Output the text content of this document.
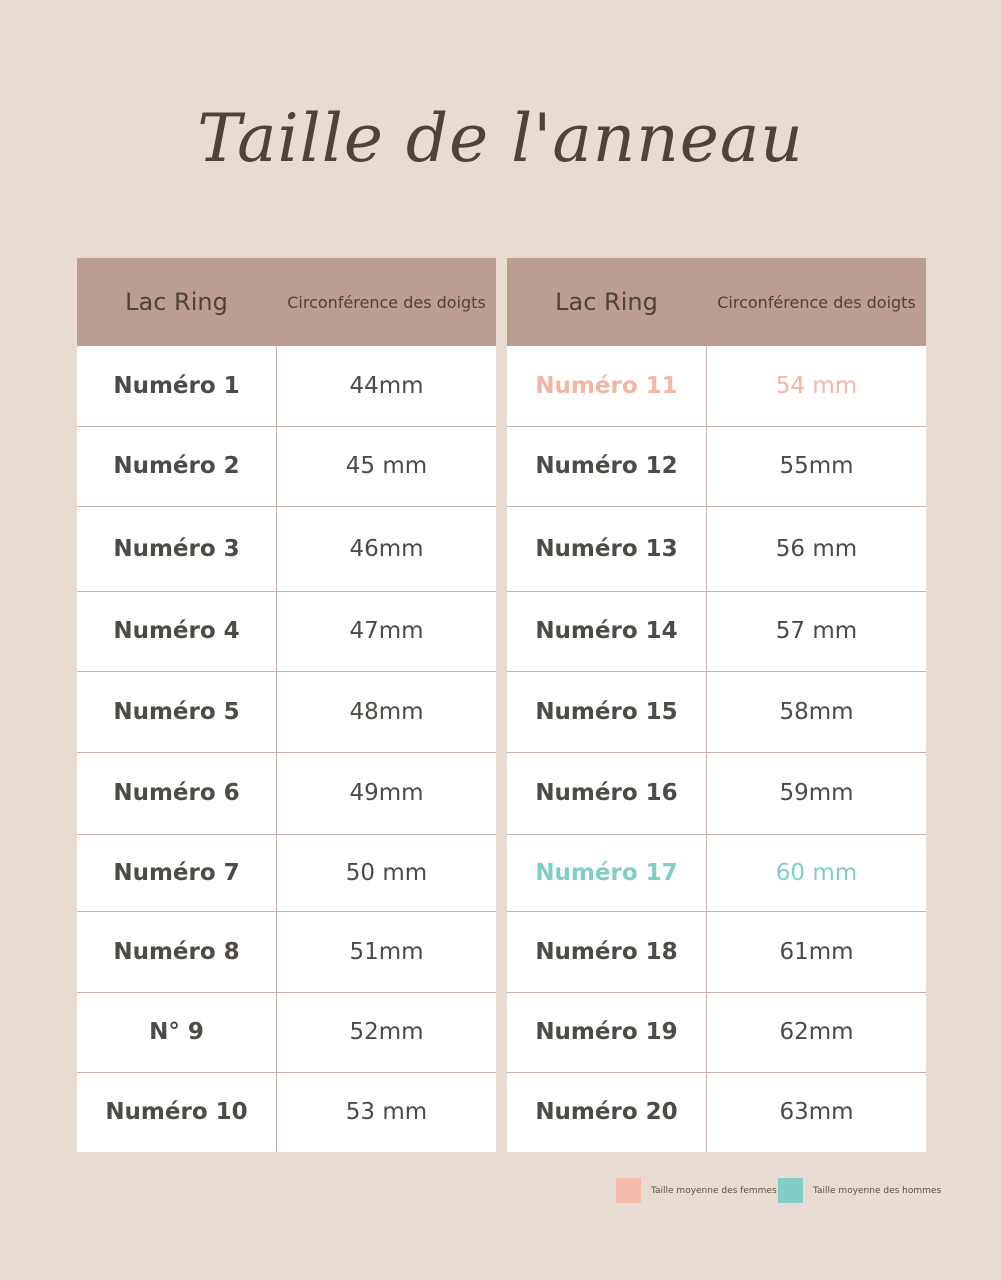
Taille de l'anneau
Lac Ring	Circonférence des doigts
Numéro 1	44mm
Numéro 2	45 mm
Numéro 3	46mm
Numéro 4	47mm
Numéro 5	48mm
Numéro 6	49mm
Numéro 7	50 mm
Numéro 8	51mm
N° 9	52mm
Numéro 10	53 mm
Lac Ring	Circonférence des doigts
Numéro 11	54 mm
Numéro 12	55mm
Numéro 13	56 mm
Numéro 14	57 mm
Numéro 15	58mm
Numéro 16	59mm
Numéro 17	60 mm
Numéro 18	61mm
Numéro 19	62mm
Numéro 20	63mm
Taille moyenne des femmes	Taille moyenne des hommes
